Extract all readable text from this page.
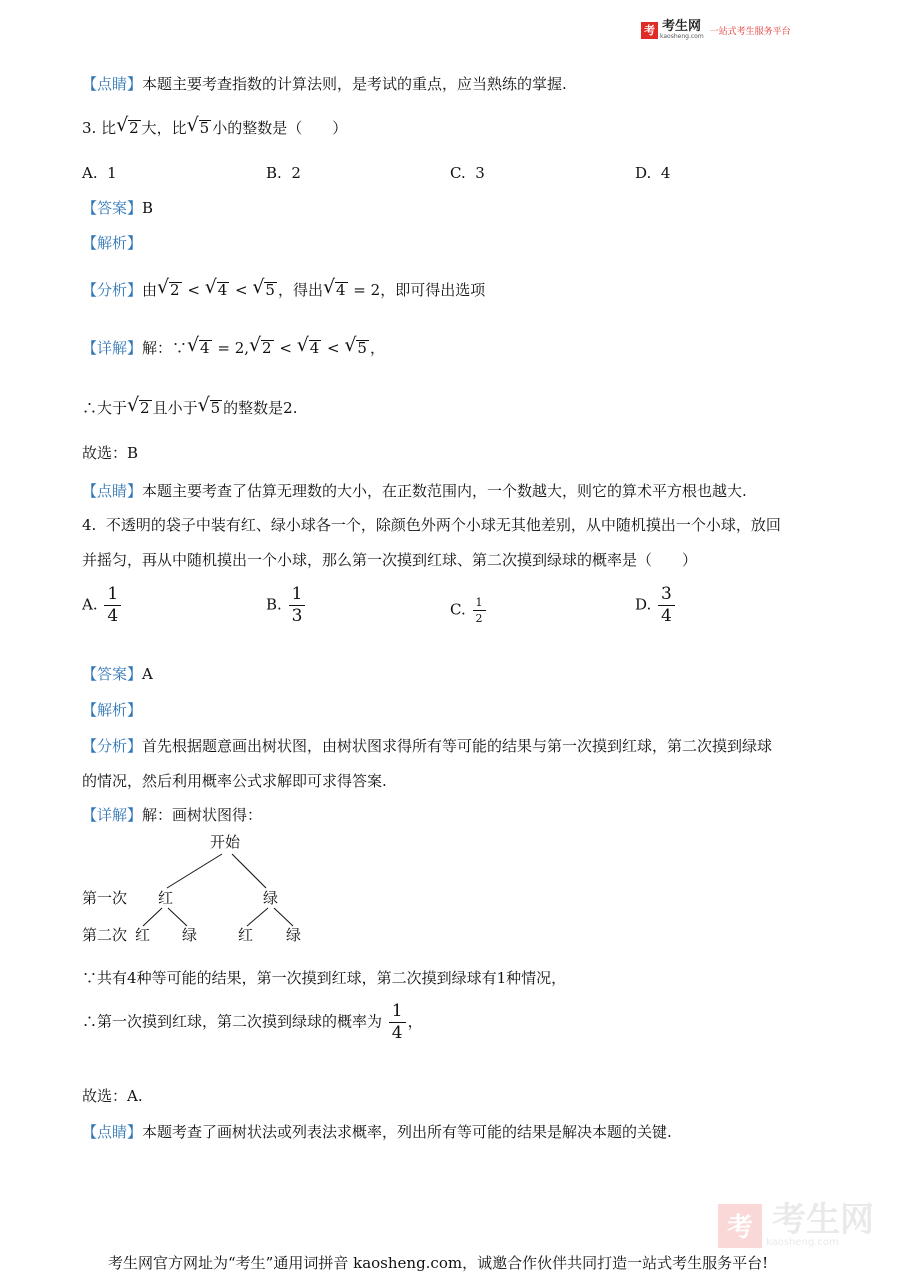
考 考生网
kaosheng.com 一站式考生服务平台
【点睛】本题主要考查指数的计算法则，是考试的重点，应当熟练的掌握.
3. 比 √ 2 大，比 √ 5 小的整数是（　　）
A. 1	B. 2	C. 3	D. 4
【答案】B
【解析】
【分析】由 √ 2 < √ 4 < √ 5 ，得出 √ 4 = 2，即可得出选项
【详解】解：∵ √ 4 = 2, √ 2 < √ 4 < √ 5 ，
∴大于 √ 2 且小于 √ 5 的整数是2.
故选：B
【点睛】本题主要考查了估算无理数的大小，在正数范围内，一个数越大，则它的算术平方根也越大.
4. 不透明的袋子中装有红、绿小球各一个，除颜色外两个小球无其他差别，从中随机摸出一个小球，放回
并摇匀，再从中随机摸出一个小球，那么第一次摸到红球、第二次摸到绿球的概率是（　　）
A. $\frac{1}{4}$	B. $\frac{1}{3}$	C. $\frac{1}{2}$	D. $\frac{3}{4}$
【答案】A
【解析】
【分析】首先根据题意画出树状图，由树状图求得所有等可能的结果与第一次摸到红球，第二次摸到绿球
的情况，然后利用概率公式求解即可求得答案.
【详解】解：画树状图得：
开始
第一次 红	绿
第二次 红 绿	红 绿
∵共有4种等可能的结果，第一次摸到红球，第二次摸到绿球有1种情况，
∴第一次摸到红球，第二次摸到绿球的概率为 $\frac{1}{4}$ ，
故选：A.
【点睛】本题考查了画树状法或列表法求概率，列出所有等可能的结果是解决本题的关键.
考 考生网
kaosheng.com
考生网官方网址为“考生”通用词拼音 kaosheng.com，诚邀合作伙伴共同打造一站式考生服务平台!
